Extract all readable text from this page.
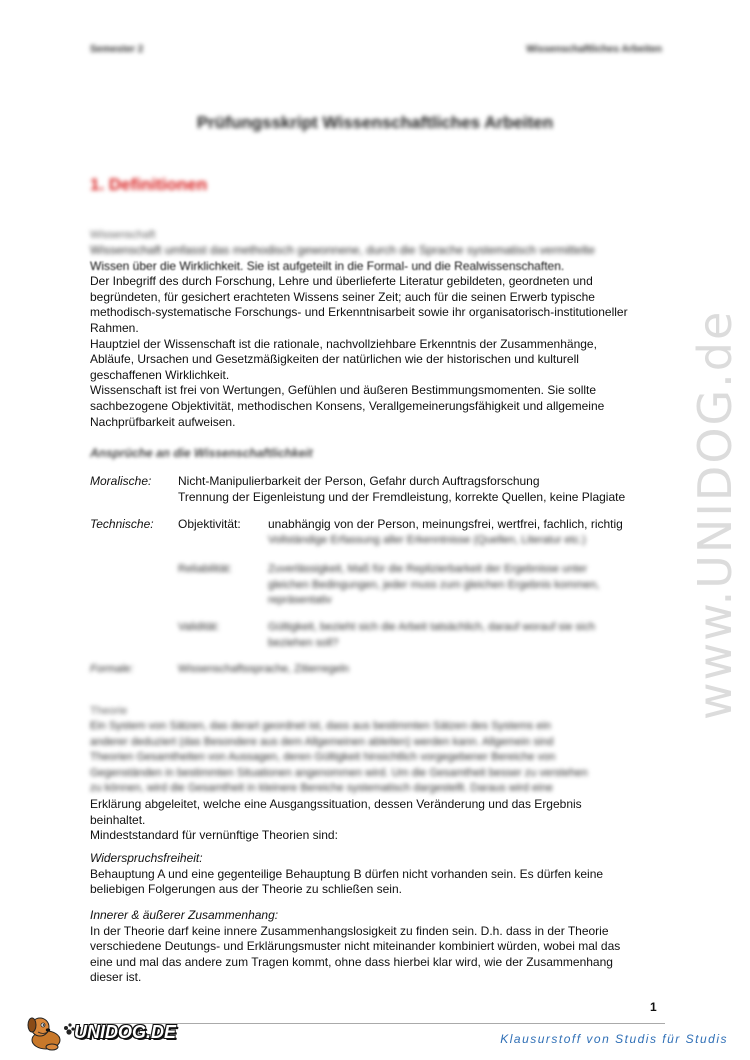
Semester 2	Wissenschaftliches Arbeiten
Prüfungsskript Wissenschaftliches Arbeiten
1. Definitionen
Wissenschaft
Wissenschaft umfasst das methodisch gewonnene, durch die Sprache systematisch vermittelte
Wissen über die Wirklichkeit. Sie ist aufgeteilt in die Formal- und die Realwissenschaften.
Der Inbegriff des durch Forschung, Lehre und überlieferte Literatur gebildeten, geordneten und
begründeten, für gesichert erachteten Wissens seiner Zeit; auch für die seinen Erwerb typische
methodisch-systematische Forschungs- und Erkenntnisarbeit sowie ihr organisatorisch-institutioneller
Rahmen.
Hauptziel der Wissenschaft ist die rationale, nachvollziehbare Erkenntnis der Zusammenhänge,
Abläufe, Ursachen und Gesetzmäßigkeiten der natürlichen wie der historischen und kulturell
geschaffenen Wirklichkeit.
Wissenschaft ist frei von Wertungen, Gefühlen und äußeren Bestimmungsmomenten. Sie sollte
sachbezogene Objektivität, methodischen Konsens, Verallgemeinerungsfähigkeit und allgemeine
Nachprüfbarkeit aufweisen.
Ansprüche an die Wissenschaftlichkeit
Moralische: Nicht-Manipulierbarkeit der Person, Gefahr durch Auftragsforschung
Trennung der Eigenleistung und der Fremdleistung, korrekte Quellen, keine Plagiate
Technische: Objektivität: unabhängig von der Person, meinungsfrei, wertfrei, fachlich, richtig
Vollständige Erfassung aller Erkenntnisse (Quellen, Literatur etc.)
Reliabilität:	Zuverlässigkeit, Maß für die Replizierbarkeit der Ergebnisse unter
gleichen Bedingungen, jeder muss zum gleichen Ergebnis kommen,
repräsentativ
Validität:	Gültigkeit, bezieht sich die Arbeit tatsächlich, darauf worauf sie sich
beziehen soll?
Formale:	Wissenschaftssprache, Zitierregeln
Theorie
Ein System von Sätzen, das derart geordnet ist, dass aus bestimmten Sätzen des Systems ein
anderer deduziert (das Besondere aus dem Allgemeinen ableiten) werden kann. Allgemein sind
Theorien Gesamtheiten von Aussagen, deren Gültigkeit hinsichtlich vorgegebener Bereiche von
Gegenständen in bestimmten Situationen angenommen wird. Um die Gesamtheit besser zu verstehen
zu können, wird die Gesamtheit in kleinere Bereiche systematisch dargestellt. Daraus wird eine
Erklärung abgeleitet, welche eine Ausgangssituation, dessen Veränderung und das Ergebnis
beinhaltet.
Mindeststandard für vernünftige Theorien sind:
Widerspruchsfreiheit:
Behauptung A und eine gegenteilige Behauptung B dürfen nicht vorhanden sein. Es dürfen keine
beliebigen Folgerungen aus der Theorie zu schließen sein.
Innerer & äußerer Zusammenhang:
In der Theorie darf keine innere Zusammenhangslosigkeit zu finden sein. D.h. dass in der Theorie
verschiedene Deutungs- und Erklärungsmuster nicht miteinander kombiniert würden, wobei mal das
eine und mal das andere zum Tragen kommt, ohne dass hierbei klar wird, wie der Zusammenhang
dieser ist.
1
www.UNIDOG.de
UNIDOG.DE	Klausurstoff von Studis für Studis
